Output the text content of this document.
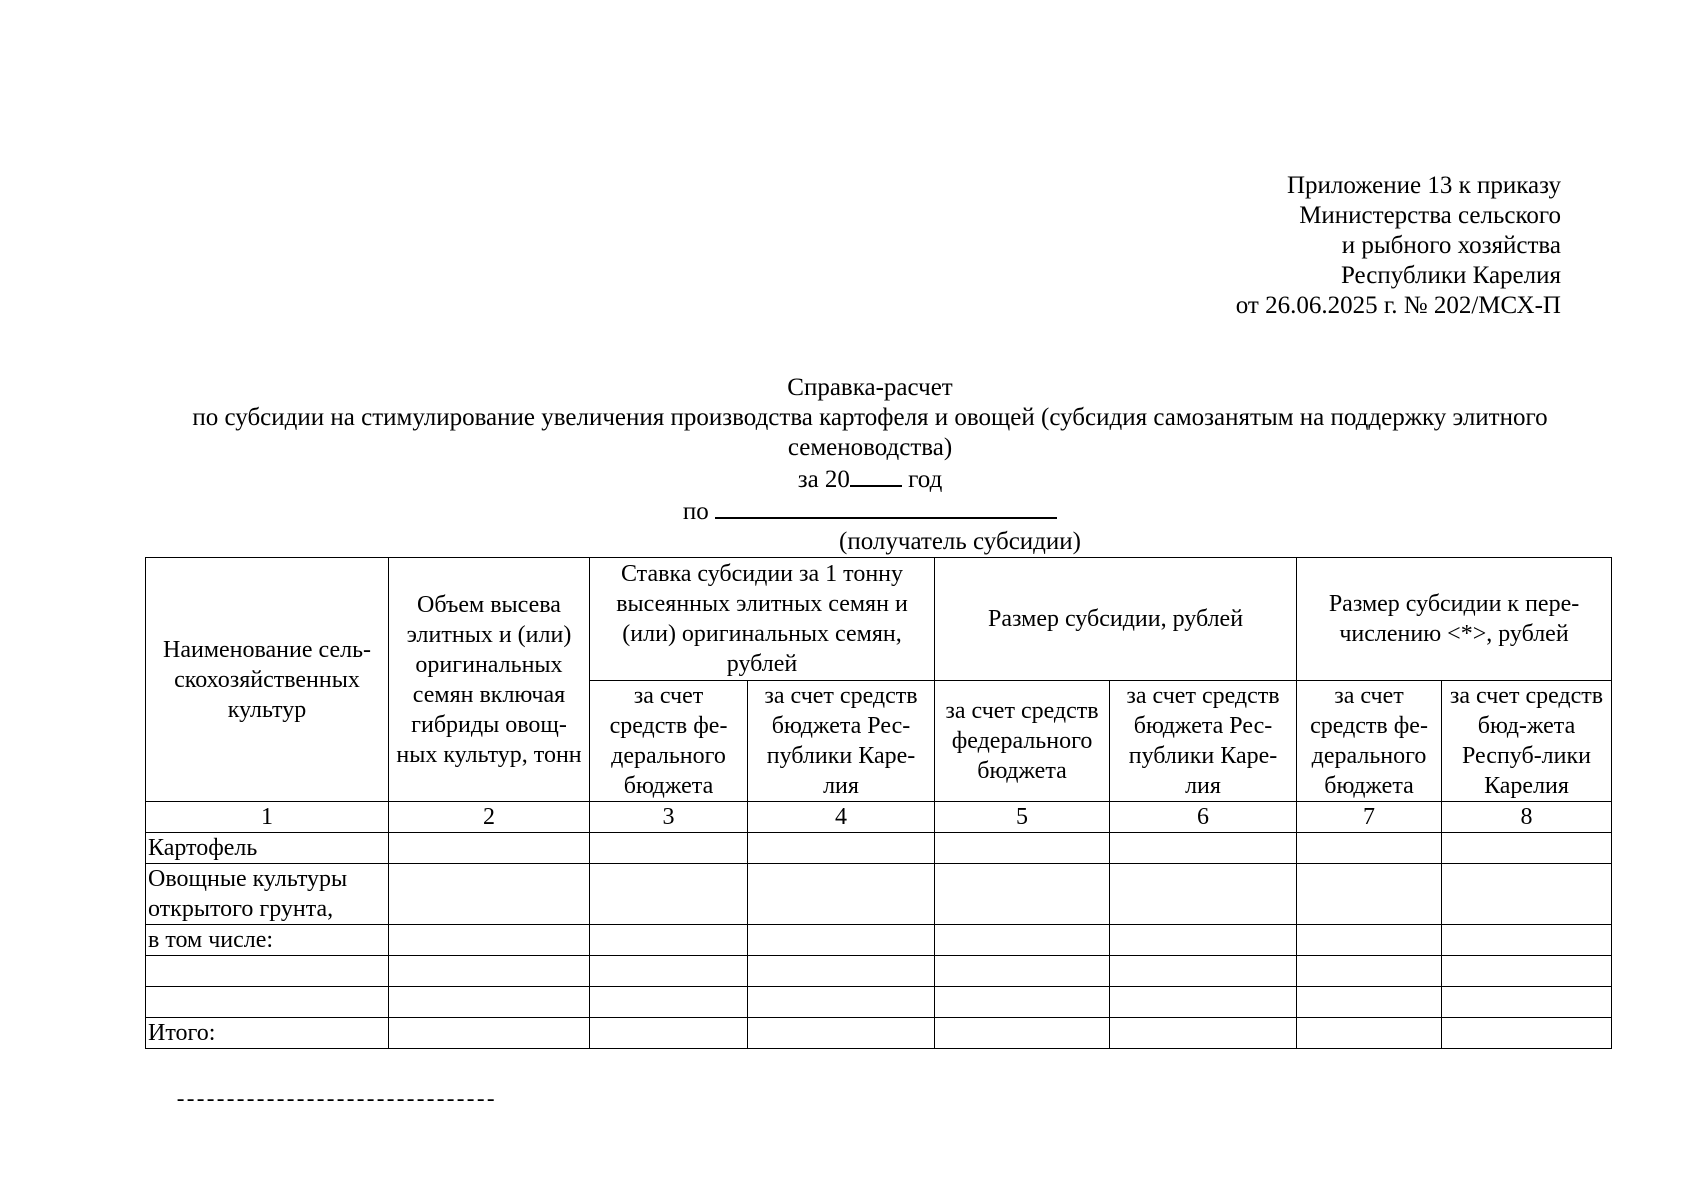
Приложение 13 к приказу
Министерства сельского
и рыбного хозяйства
Республики Карелия
от 26.06.2025 г. № 202/МСХ-П
Справка-расчет
по субсидии на стимулирование увеличения производства картофеля и овощей (субсидия самозанятым на поддержку элитного семеноводства)
за 20 год
по
(получатель субсидии)
Наименование сель-скохозяйственных культур	Объем высева элитных и (или) оригинальных семян включая гибриды овощ-ных культур, тонн	Ставка субсидии за 1 тонну высеянных элитных семян и (или) оригинальных семян, рублей		Размер субсидии, рублей		Размер субсидии к пере-числению <*>, рублей	
		за счет средств фе-дерального бюджета	за счет средств бюджета Рес-публики Каре-лия	за счет средств федерального бюджета	за счет средств бюджета Рес-публики Каре-лия	за счет средств фе-дерального бюджета	за счет средств бюд-жета Респуб-лики Карелия
1	2	3	4	5	6	7	8
Картофель							
Овощные культуры открытого грунта,							
в том числе:							

Итого:							
--------------------------------
